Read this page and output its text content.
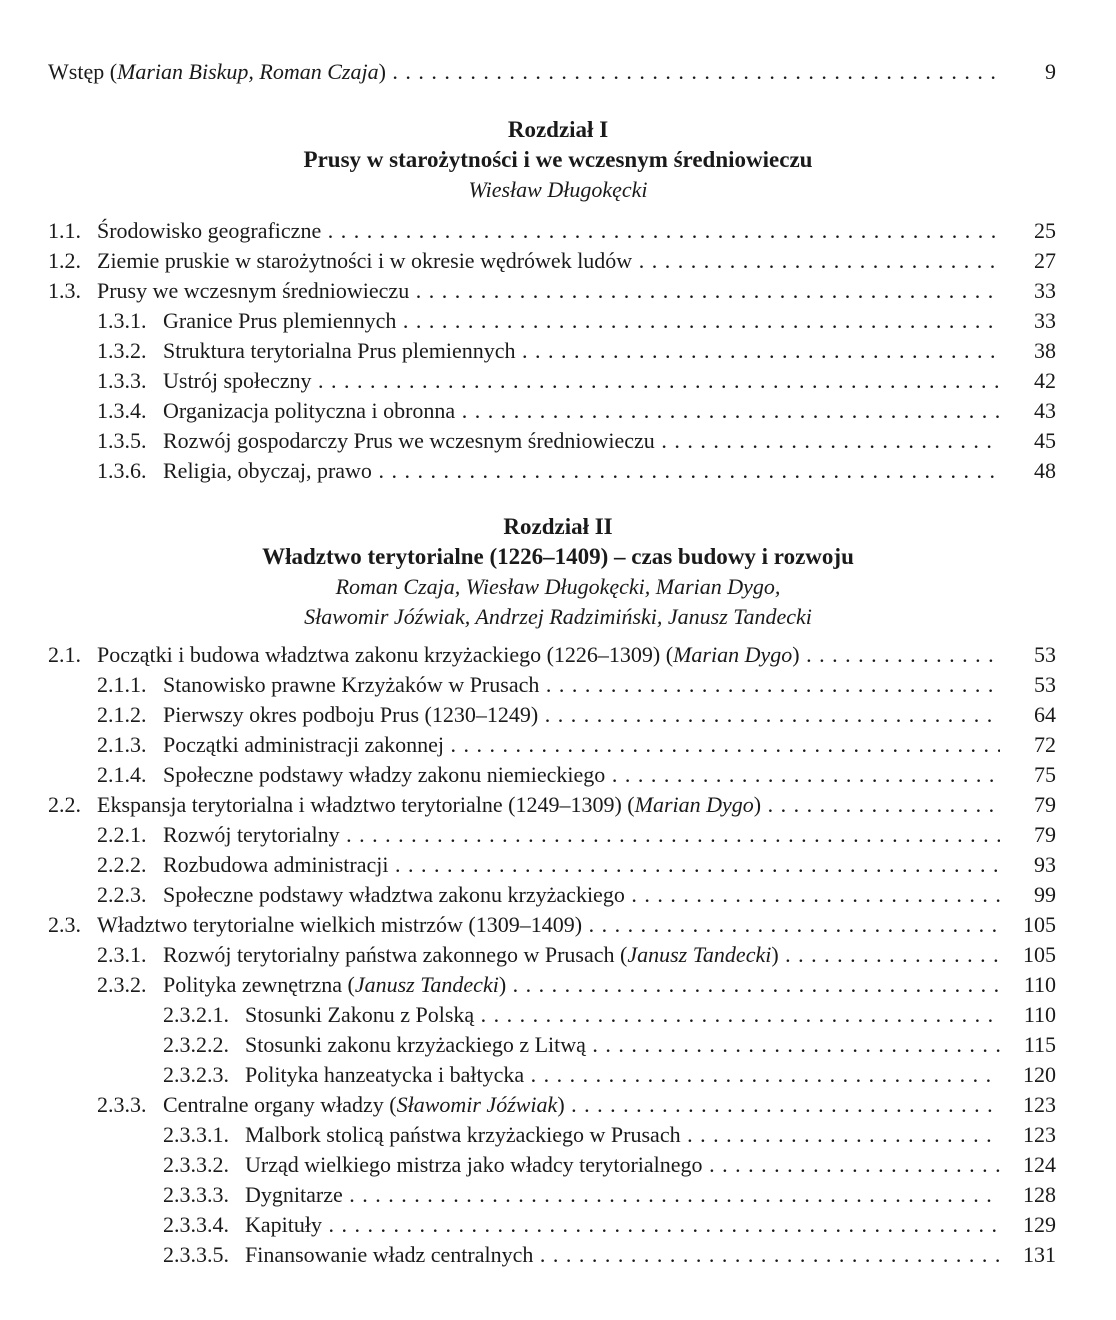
Wstęp (Marian Biskup, Roman Czaja) . . .	9
Rozdział I
Prusy w starożytności i we wczesnym średniowieczu
Wiesław Długokęcki
1.1. Środowisko geograficzne . . .	25
1.2. Ziemie pruskie w starożytności i w okresie wędrówek ludów . . .	27
1.3. Prusy we wczesnym średniowieczu . . .	33
1.3.1. Granice Prus plemiennych . . .	33
1.3.2. Struktura terytorialna Prus plemiennych . . .	38
1.3.3. Ustrój społeczny . . .	42
1.3.4. Organizacja polityczna i obronna . . .	43
1.3.5. Rozwój gospodarczy Prus we wczesnym średniowieczu . . .	45
1.3.6. Religia, obyczaj, prawo . . .	48
Rozdział II
Władztwo terytorialne (1226–1409) – czas budowy i rozwoju
Roman Czaja, Wiesław Długokęcki, Marian Dygo,
Sławomir Jóźwiak, Andrzej Radzimiński, Janusz Tandecki
2.1. Początki i budowa władztwa zakonu krzyżackiego (1226–1309) (Marian Dygo) . . .	53
2.1.1. Stanowisko prawne Krzyżaków w Prusach . . .	53
2.1.2. Pierwszy okres podboju Prus (1230–1249) . . .	64
2.1.3. Początki administracji zakonnej . . .	72
2.1.4. Społeczne podstawy władzy zakonu niemieckiego . . .	75
2.2. Ekspansja terytorialna i władztwo terytorialne (1249–1309) (Marian Dygo) . . .	79
2.2.1. Rozwój terytorialny . . .	79
2.2.2. Rozbudowa administracji . . .	93
2.2.3. Społeczne podstawy władztwa zakonu krzyżackiego . . .	99
2.3. Władztwo terytorialne wielkich mistrzów (1309–1409) . . .	105
2.3.1. Rozwój terytorialny państwa zakonnego w Prusach (Janusz Tandecki) . . .	105
2.3.2. Polityka zewnętrzna (Janusz Tandecki) . . .	110
2.3.2.1. Stosunki Zakonu z Polską . . .	110
2.3.2.2. Stosunki zakonu krzyżackiego z Litwą . . .	115
2.3.2.3. Polityka hanzeatycka i bałtycka . . .	120
2.3.3. Centralne organy władzy (Sławomir Jóźwiak) . . .	123
2.3.3.1. Malbork stolicą państwa krzyżackiego w Prusach . . .	123
2.3.3.2. Urząd wielkiego mistrza jako władcy terytorialnego . . .	124
2.3.3.3. Dygnitarze . . .	128
2.3.3.4. Kapituły . . .	129
2.3.3.5. Finansowanie władz centralnych . . .	131
